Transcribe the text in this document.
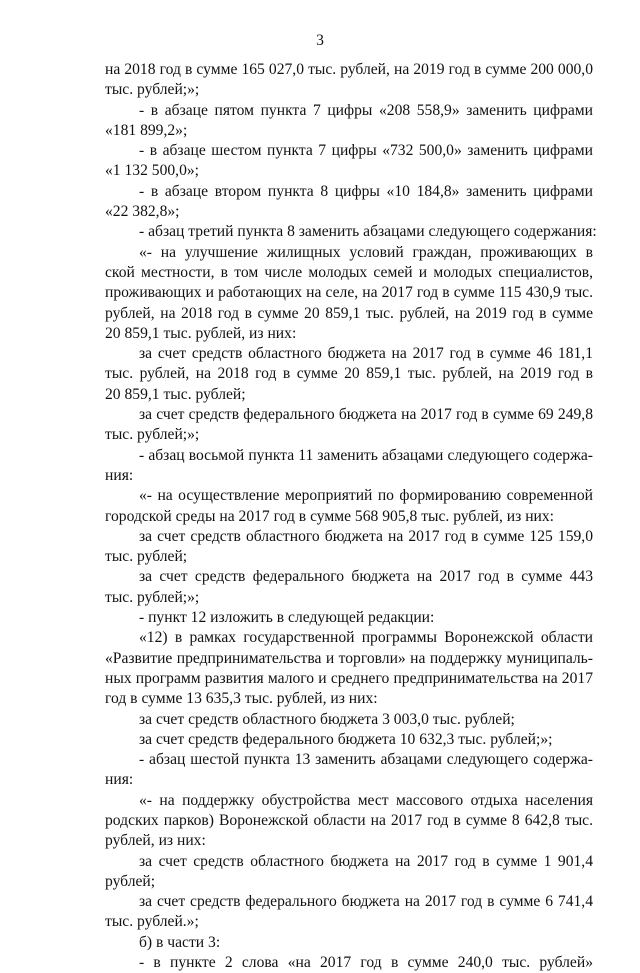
3
на 2018 год в сумме 165 027,0 тыс. рублей, на 2019 год в сумме 200 000,0
тыс. рублей;»;
- в абзаце пятом пункта 7 цифры «208 558,9» заменить цифрами
«181 899,2»;
- в абзаце шестом пункта 7 цифры «732 500,0» заменить цифрами
«1 132 500,0»;
- в абзаце втором пункта 8 цифры «10 184,8» заменить цифрами
«22 382,8»;
- абзац третий пункта 8 заменить абзацами следующего содержания:
«- на улучшение жилищных условий граждан, проживающих в
ской местности, в том числе молодых семей и молодых специалистов,
проживающих и работающих на селе, на 2017 год в сумме 115 430,9 тыс.
рублей, на 2018 год в сумме 20 859,1 тыс. рублей, на 2019 год в сумме
20 859,1 тыс. рублей, из них:
за счет средств областного бюджета на 2017 год в сумме 46 181,1
тыс. рублей, на 2018 год в сумме 20 859,1 тыс. рублей, на 2019 год в
20 859,1 тыс. рублей;
за счет средств федерального бюджета на 2017 год в сумме 69 249,8
тыс. рублей;»;
- абзац восьмой пункта 11 заменить абзацами следующего содержа-
ния:
«- на осуществление мероприятий по формированию современной
городской среды на 2017 год в сумме 568 905,8 тыс. рублей, из них:
за счет средств областного бюджета на 2017 год в сумме 125 159,0
тыс. рублей;
за счет средств федерального бюджета на 2017 год в сумме 443
тыс. рублей;»;
- пункт 12 изложить в следующей редакции:
«12) в рамках государственной программы Воронежской области
«Развитие предпринимательства и торговли» на поддержку муниципаль-
ных программ развития малого и среднего предпринимательства на 2017
год в сумме 13 635,3 тыс. рублей, из них:
за счет средств областного бюджета 3 003,0 тыс. рублей;
за счет средств федерального бюджета 10 632,3 тыс. рублей;»;
- абзац шестой пункта 13 заменить абзацами следующего содержа-
ния:
«- на поддержку обустройства мест массового отдыха населения
родских парков) Воронежской области на 2017 год в сумме 8 642,8 тыс.
рублей, из них:
за счет средств областного бюджета на 2017 год в сумме 1 901,4
рублей;
за счет средств федерального бюджета на 2017 год в сумме 6 741,4
тыс. рублей.»;
б) в части 3:
- в пункте 2 слова «на 2017 год в сумме 240,0 тыс. рублей»
